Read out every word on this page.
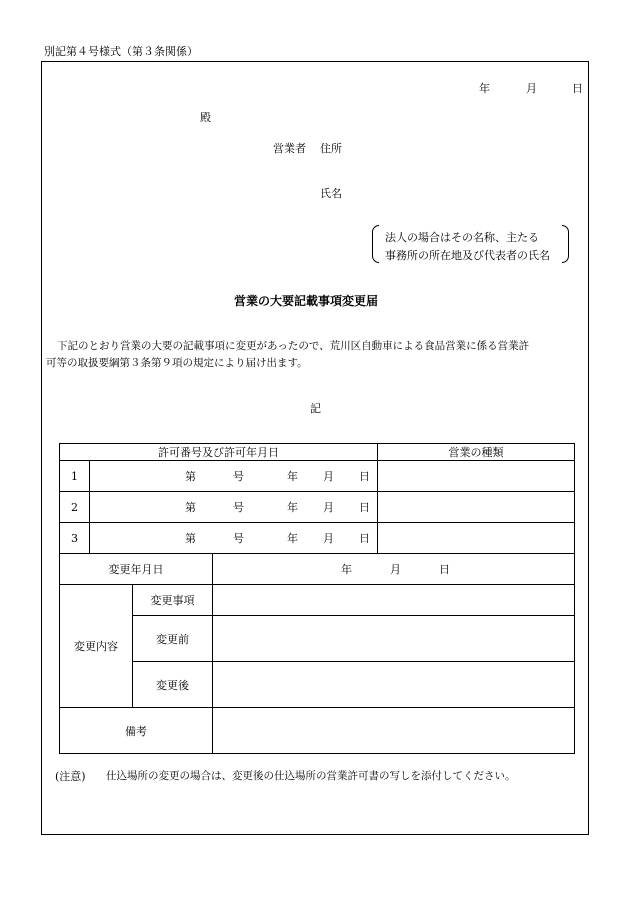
別記第４号様式（第３条関係）
年	月	日
殿
営業者 住所
氏名
法人の場合はその名称、主たる
事務所の所在地及び代表者の氏名
営業の大要記載事項変更届
下記のとおり営業の大要の記載事項に変更があったので、荒川区自動車による食品営業に係る営業許
可等の取扱要綱第３条第９項の規定により届け出ます。
記
許可番号及び許可年月日				営業の種類
1	第 号 年 月 日			
2	第 号 年 月 日			
3	第 号 年 月 日			
変更年月日			年 月 日	
変更内容		変更事項		
		変更前		
		変更後		
備考				
(注意) 仕込場所の変更の場合は、変更後の仕込場所の営業許可書の写しを添付してください。
